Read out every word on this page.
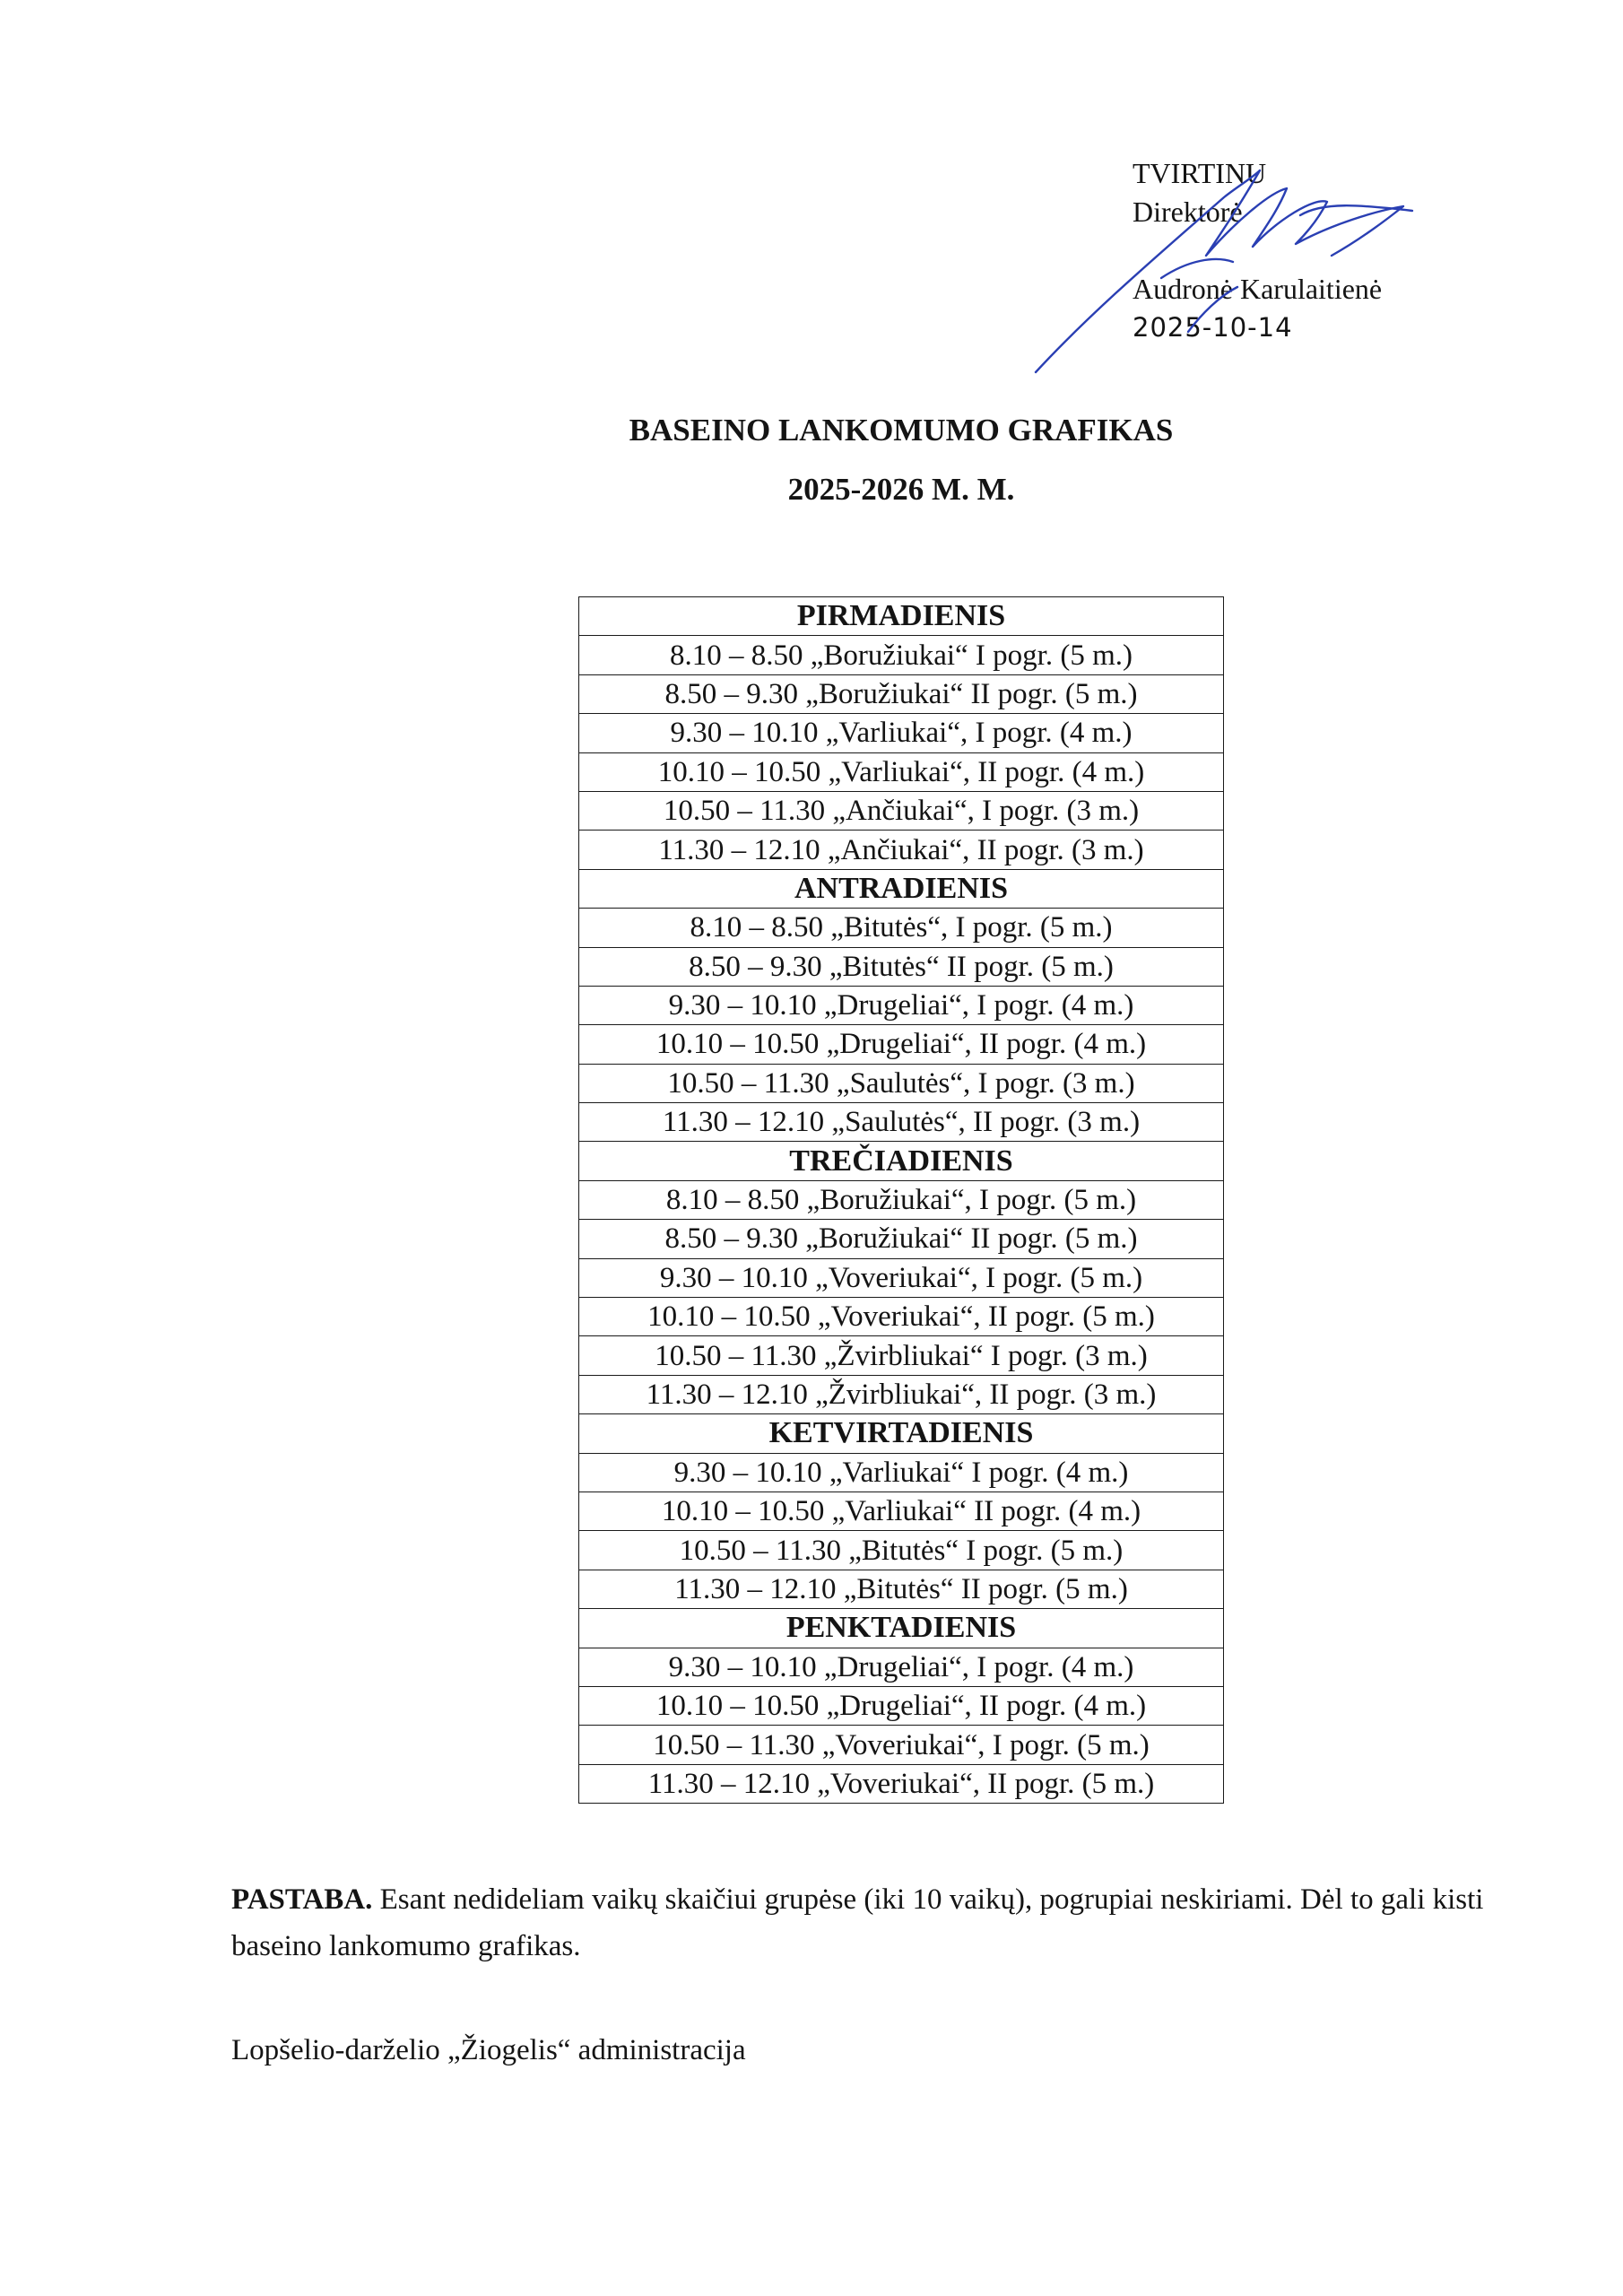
TVIRTINU
Direktorė
Audronė Karulaitienė
2025-10-14
BASEINO LANKOMUMO GRAFIKAS
2025-2026 M. M.
PIRMADIENIS
8.10 – 8.50 „Boružiukai“ I pogr. (5 m.)
8.50 – 9.30 „Boružiukai“ II pogr. (5 m.)
9.30 – 10.10 „Varliukai“, I pogr. (4 m.)
10.10 – 10.50 „Varliukai“, II pogr. (4 m.)
10.50 – 11.30 „Ančiukai“, I pogr. (3 m.)
11.30 – 12.10 „Ančiukai“, II pogr. (3 m.)
ANTRADIENIS
8.10 – 8.50 „Bitutės“, I pogr. (5 m.)
8.50 – 9.30 „Bitutės“ II pogr. (5 m.)
9.30 – 10.10 „Drugeliai“, I pogr. (4 m.)
10.10 – 10.50 „Drugeliai“, II pogr. (4 m.)
10.50 – 11.30 „Saulutės“, I pogr. (3 m.)
11.30 – 12.10 „Saulutės“, II pogr. (3 m.)
TREČIADIENIS
8.10 – 8.50 „Boružiukai“, I pogr. (5 m.)
8.50 – 9.30 „Boružiukai“ II pogr. (5 m.)
9.30 – 10.10 „Voveriukai“, I pogr. (5 m.)
10.10 – 10.50 „Voveriukai“, II pogr. (5 m.)
10.50 – 11.30 „Žvirbliukai“ I pogr. (3 m.)
11.30 – 12.10 „Žvirbliukai“, II pogr. (3 m.)
KETVIRTADIENIS
9.30 – 10.10 „Varliukai“ I pogr. (4 m.)
10.10 – 10.50 „Varliukai“ II pogr. (4 m.)
10.50 – 11.30 „Bitutės“ I pogr. (5 m.)
11.30 – 12.10 „Bitutės“ II pogr. (5 m.)
PENKTADIENIS
9.30 – 10.10 „Drugeliai“, I pogr. (4 m.)
10.10 – 10.50 „Drugeliai“, II pogr. (4 m.)
10.50 – 11.30 „Voveriukai“, I pogr. (5 m.)
11.30 – 12.10 „Voveriukai“, II pogr. (5 m.)
PASTABA. Esant nedideliam vaikų skaičiui grupėse (iki 10 vaikų), pogrupiai neskiriami. Dėl to gali kisti baseino lankomumo grafikas.
Lopšelio-darželio „Žiogelis“ administracija
